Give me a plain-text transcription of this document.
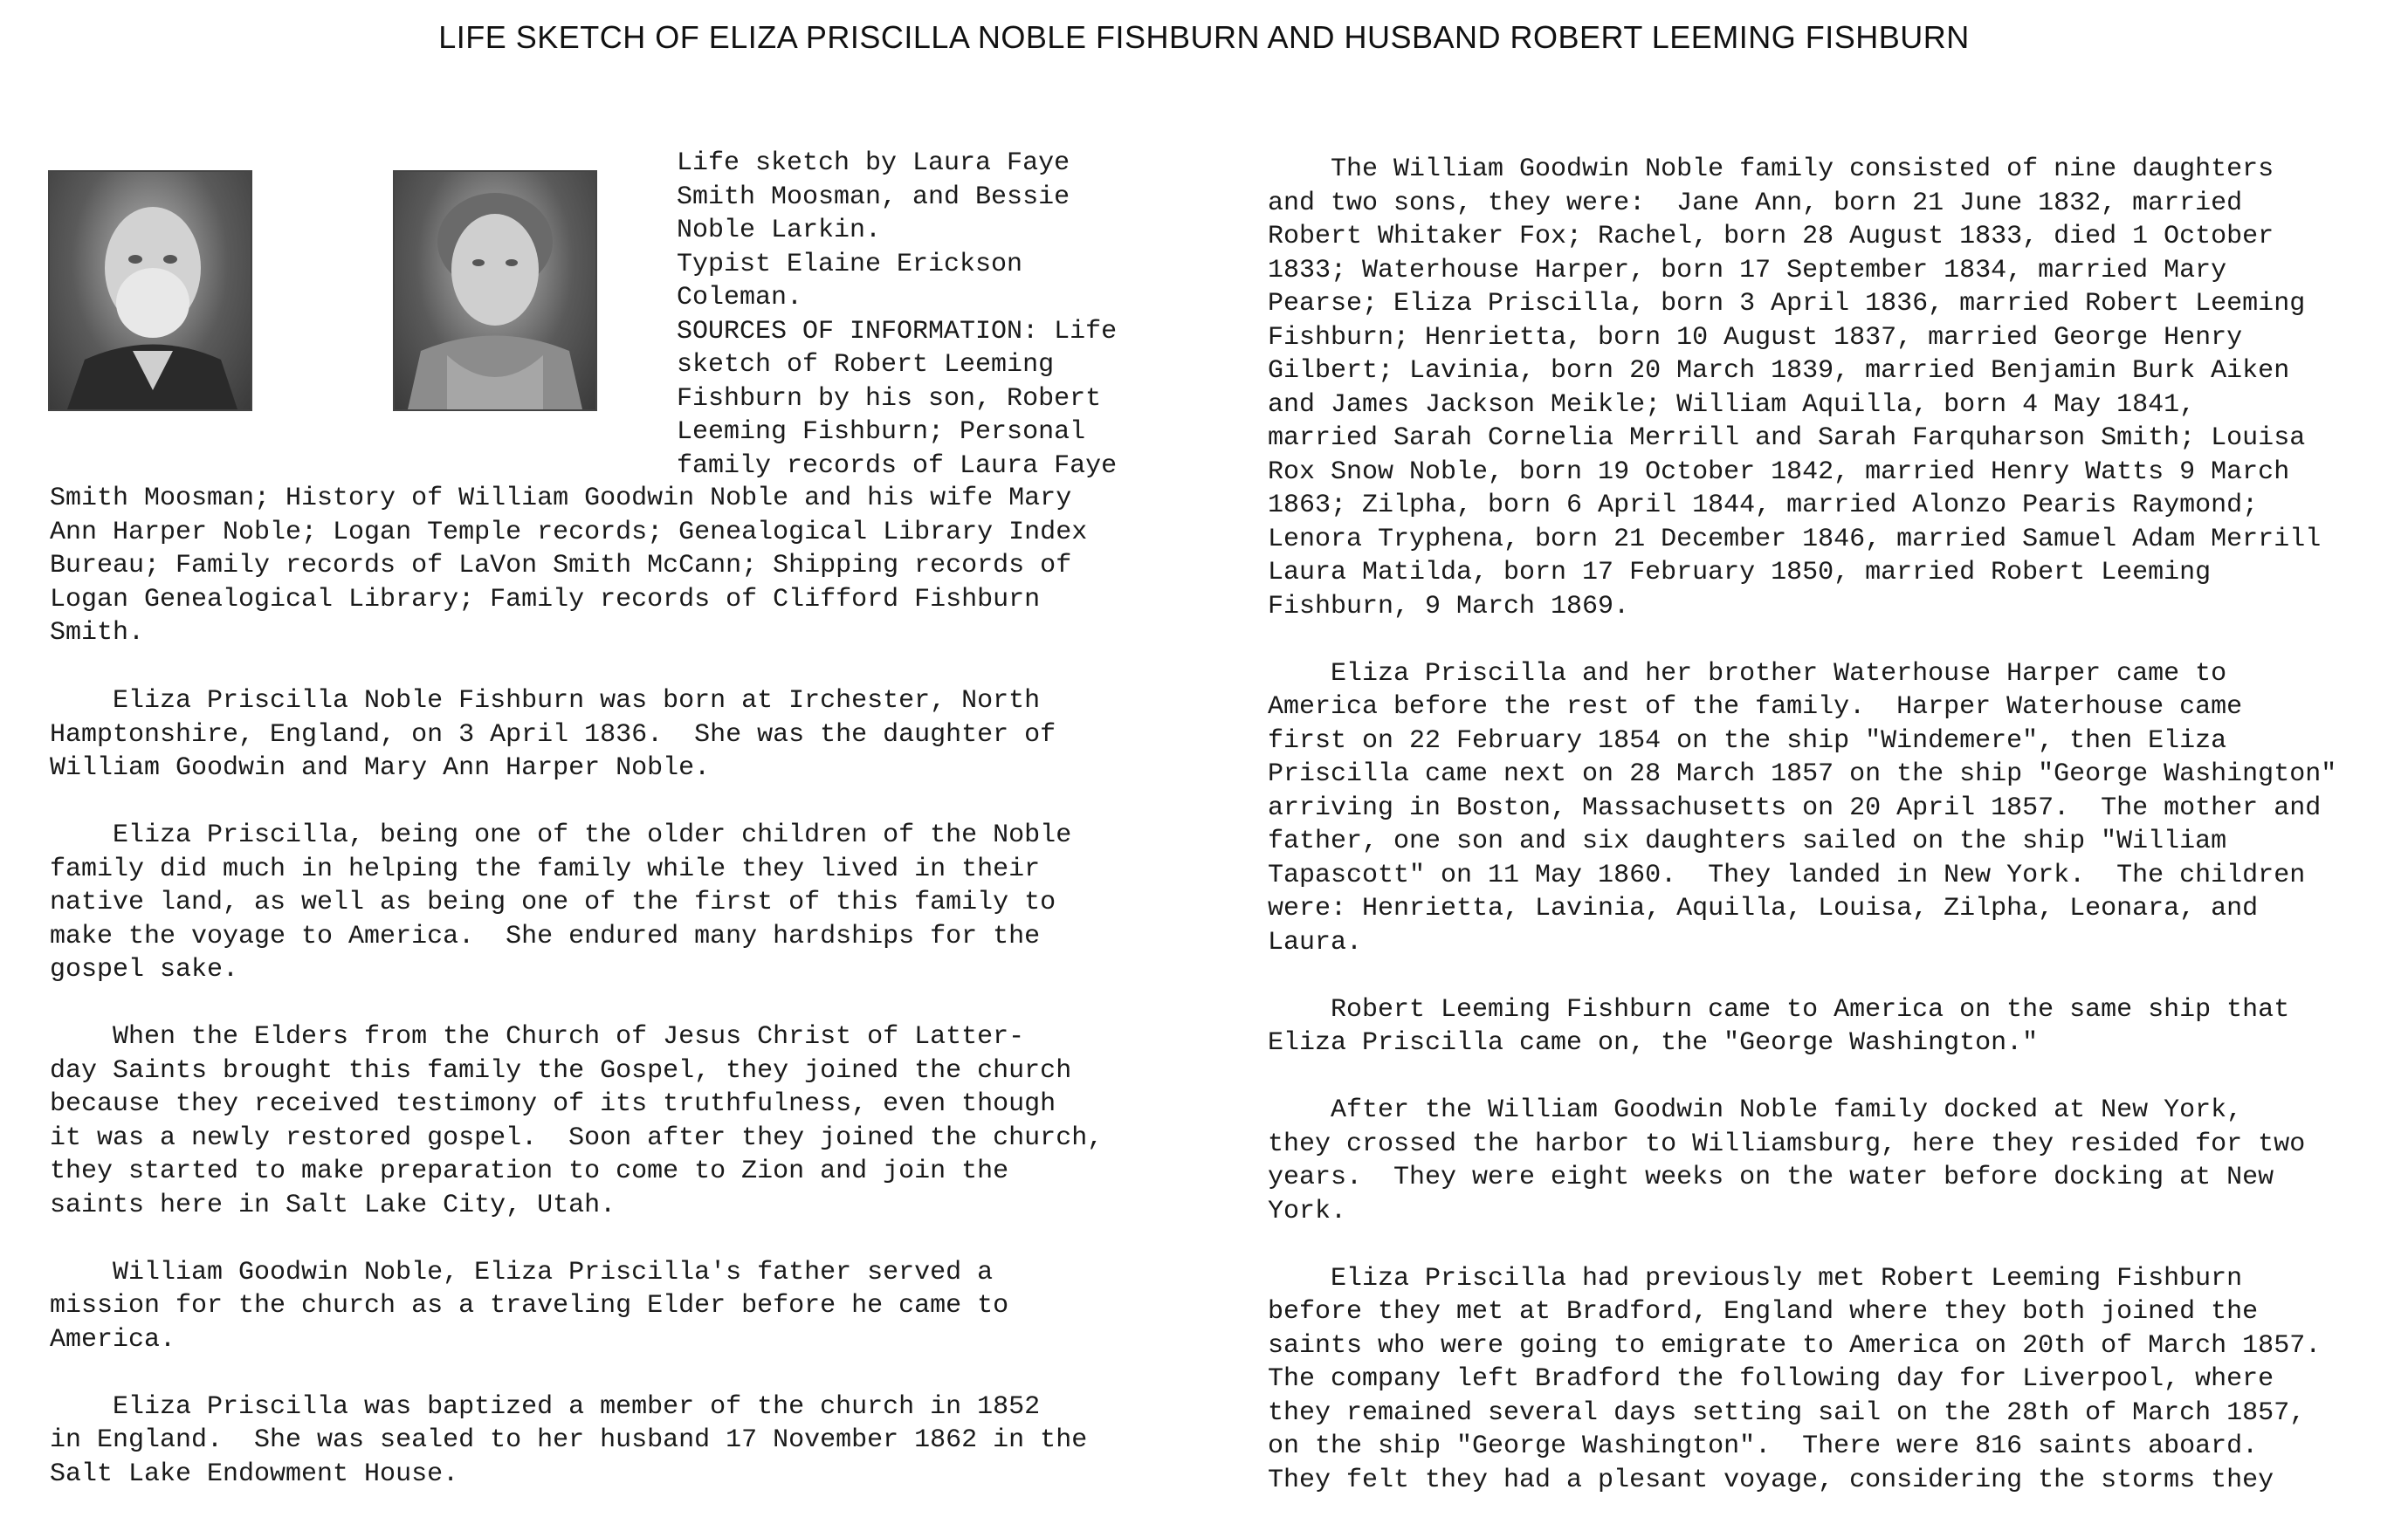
LIFE SKETCH OF ELIZA PRISCILLA NOBLE FISHBURN AND HUSBAND ROBERT LEEMING FISHBURN
Life sketch by Laura Faye
Smith Moosman, and Bessie
Noble Larkin.
Typist Elaine Erickson
Coleman.
SOURCES OF INFORMATION: Life
sketch of Robert Leeming
Fishburn by his son, Robert
Leeming Fishburn; Personal
family records of Laura Faye
Smith Moosman; History of William Goodwin Noble and his wife Mary
Ann Harper Noble; Logan Temple records; Genealogical Library Index
Bureau; Family records of LaVon Smith McCann; Shipping records of
Logan Genealogical Library; Family records of Clifford Fishburn
Smith.
Eliza Priscilla Noble Fishburn was born at Irchester, North
Hamptonshire, England, on 3 April 1836.  She was the daughter of
William Goodwin and Mary Ann Harper Noble.
Eliza Priscilla, being one of the older children of the Noble
family did much in helping the family while they lived in their
native land, as well as being one of the first of this family to
make the voyage to America.  She endured many hardships for the
gospel sake.
When the Elders from the Church of Jesus Christ of Latter-
day Saints brought this family the Gospel, they joined the church
because they received testimony of its truthfulness, even though
it was a newly restored gospel.  Soon after they joined the church,
they started to make preparation to come to Zion and join the
saints here in Salt Lake City, Utah.
William Goodwin Noble, Eliza Priscilla's father served a
mission for the church as a traveling Elder before he came to
America.
Eliza Priscilla was baptized a member of the church in 1852
in England.  She was sealed to her husband 17 November 1862 in the
Salt Lake Endowment House.
The William Goodwin Noble family consisted of nine daughters
and two sons, they were:  Jane Ann, born 21 June 1832, married
Robert Whitaker Fox; Rachel, born 28 August 1833, died 1 October
1833; Waterhouse Harper, born 17 September 1834, married Mary
Pearse; Eliza Priscilla, born 3 April 1836, married Robert Leeming
Fishburn; Henrietta, born 10 August 1837, married George Henry
Gilbert; Lavinia, born 20 March 1839, married Benjamin Burk Aiken
and James Jackson Meikle; William Aquilla, born 4 May 1841,
married Sarah Cornelia Merrill and Sarah Farquharson Smith; Louisa
Rox Snow Noble, born 19 October 1842, married Henry Watts 9 March
1863; Zilpha, born 6 April 1844, married Alonzo Pearis Raymond;
Lenora Tryphena, born 21 December 1846, married Samuel Adam Merrill
Laura Matilda, born 17 February 1850, married Robert Leeming
Fishburn, 9 March 1869.
Eliza Priscilla and her brother Waterhouse Harper came to
America before the rest of the family.  Harper Waterhouse came
first on 22 February 1854 on the ship "Windemere", then Eliza
Priscilla came next on 28 March 1857 on the ship "George Washington"
arriving in Boston, Massachusetts on 20 April 1857.  The mother and
father, one son and six daughters sailed on the ship "William
Tapascott" on 11 May 1860.  They landed in New York.  The children
were: Henrietta, Lavinia, Aquilla, Louisa, Zilpha, Leonara, and
Laura.
Robert Leeming Fishburn came to America on the same ship that
Eliza Priscilla came on, the "George Washington."
After the William Goodwin Noble family docked at New York,
they crossed the harbor to Williamsburg, here they resided for two
years.  They were eight weeks on the water before docking at New
York.
Eliza Priscilla had previously met Robert Leeming Fishburn
before they met at Bradford, England where they both joined the
saints who were going to emigrate to America on 20th of March 1857.
The company left Bradford the following day for Liverpool, where
they remained several days setting sail on the 28th of March 1857,
on the ship "George Washington".  There were 816 saints aboard.
They felt they had a plesant voyage, considering the storms they
